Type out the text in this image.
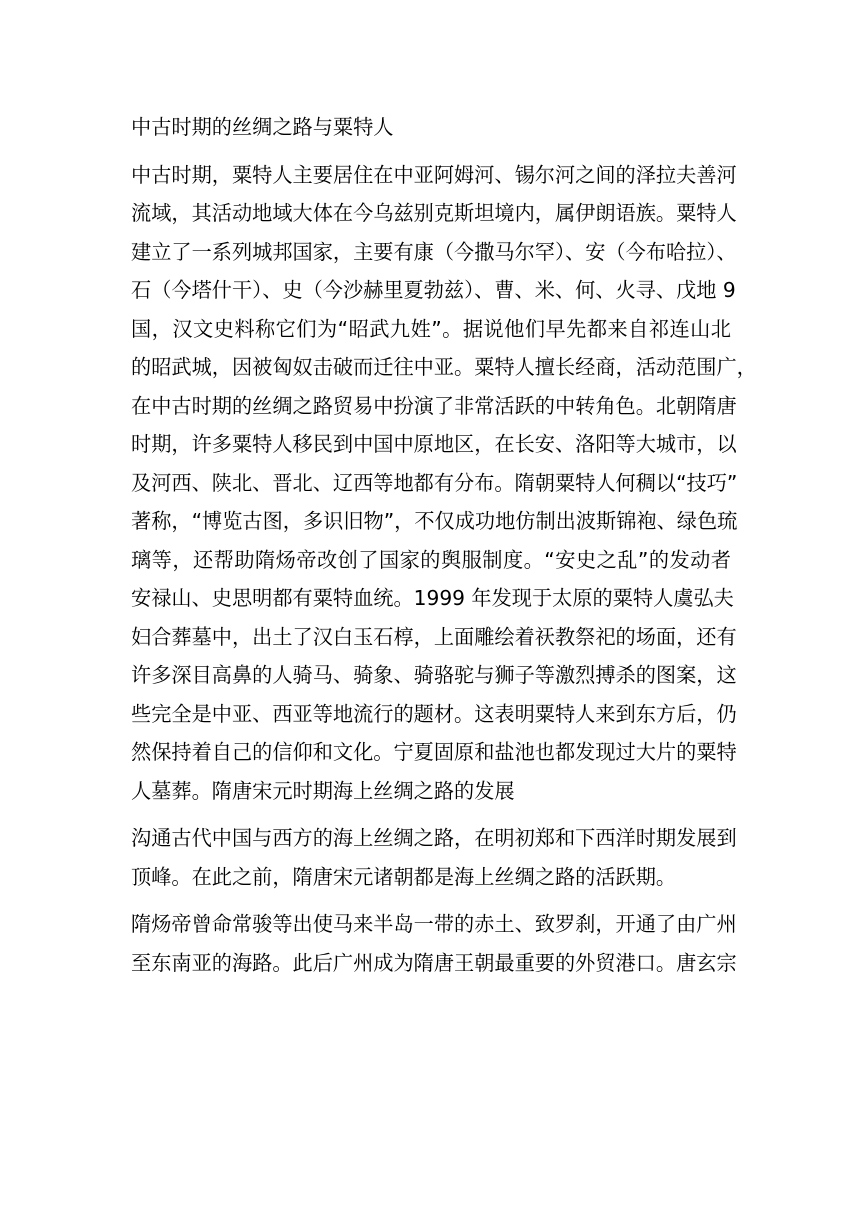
中古时期的丝绸之路与粟特人

中古时期，粟特人主要居住在中亚阿姆河、锡尔河之间的泽拉夫善河

流域，其活动地域大体在今乌兹别克斯坦境内，属伊朗语族。粟特人

建立了一系列城邦国家，主要有康（今撒马尔罕）、安（今布哈拉）、

石（今塔什干）、史（今沙赫里夏勃兹）、曹、米、何、火寻、戊地 9

国，汉文史料称它们为“昭武九姓”。据说他们早先都来自祁连山北

的昭武城，因被匈奴击破而迁往中亚。粟特人擅长经商，活动范围广，

在中古时期的丝绸之路贸易中扮演了非常活跃的中转角色。北朝隋唐

时期，许多粟特人移民到中国中原地区，在长安、洛阳等大城市，以

及河西、陕北、晋北、辽西等地都有分布。隋朝粟特人何稠以“技巧”

著称，“博览古图，多识旧物”，不仅成功地仿制出波斯锦袍、绿色琉

璃等，还帮助隋炀帝改创了国家的舆服制度。“安史之乱”的发动者

安禄山、史思明都有粟特血统。1999 年发现于太原的粟特人虞弘夫

妇合葬墓中，出土了汉白玉石椁，上面雕绘着祆教祭祀的场面，还有

许多深目高鼻的人骑马、骑象、骑骆驼与狮子等激烈搏杀的图案，这

些完全是中亚、西亚等地流行的题材。这表明粟特人来到东方后，仍

然保持着自己的信仰和文化。宁夏固原和盐池也都发现过大片的粟特

人墓葬。隋唐宋元时期海上丝绸之路的发展

沟通古代中国与西方的海上丝绸之路，在明初郑和下西洋时期发展到

顶峰。在此之前，隋唐宋元诸朝都是海上丝绸之路的活跃期。

隋炀帝曾命常骏等出使马来半岛一带的赤土、致罗刹，开通了由广州

至东南亚的海路。此后广州成为隋唐王朝最重要的外贸港口。唐玄宗
